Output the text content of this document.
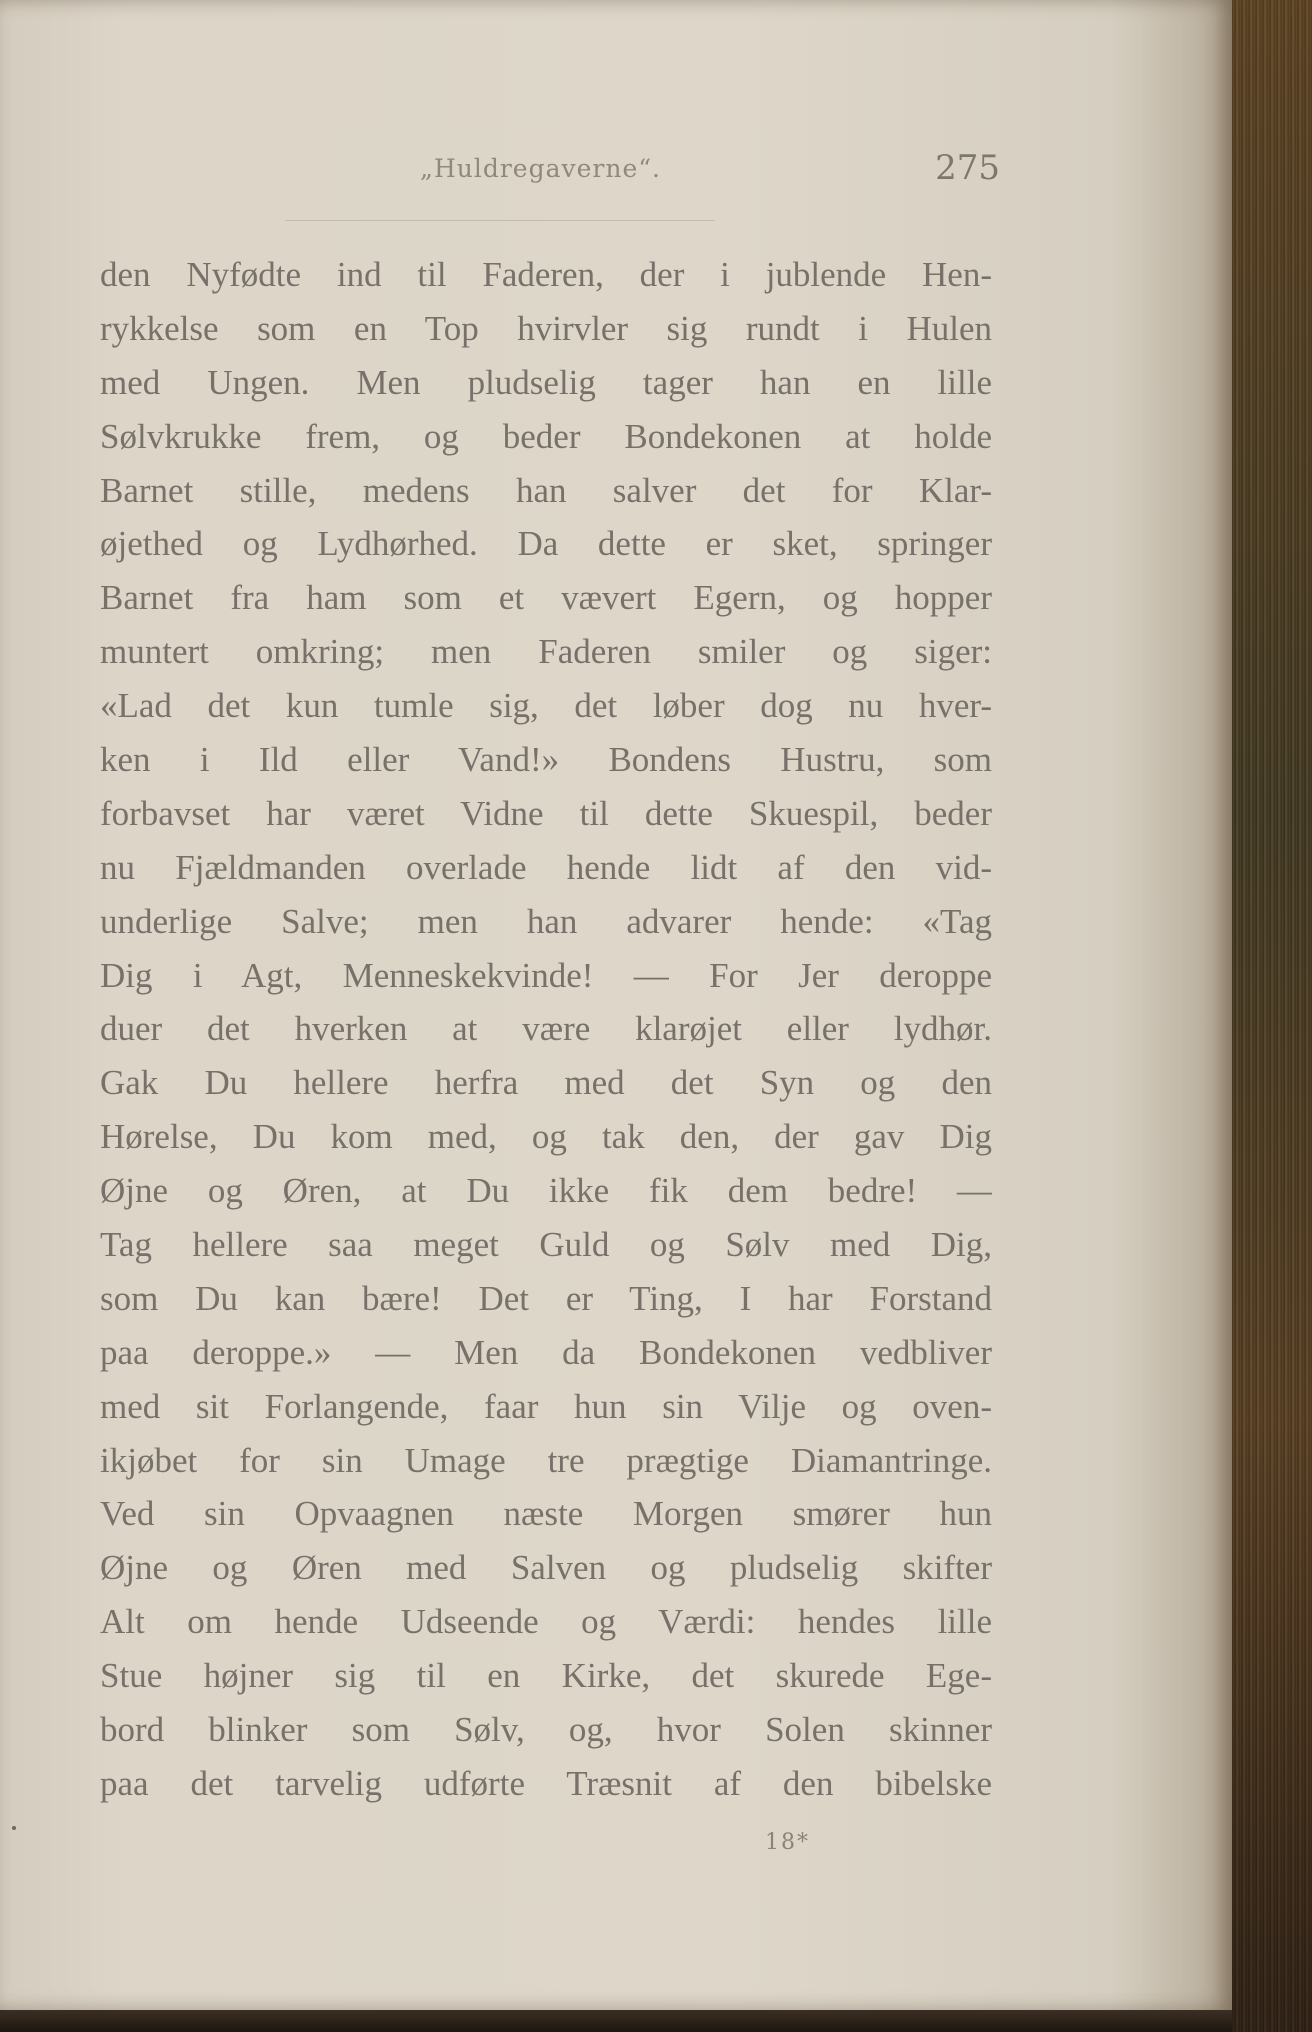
„Huldregaverne“.	275
den Nyfødte ind til Faderen, der i jublende Hen-
rykkelse som en Top hvirvler sig rundt i Hulen
med Ungen. Men pludselig tager han en lille
Sølvkrukke frem, og beder Bondekonen at holde
Barnet stille, medens han salver det for Klar-
øjethed og Lydhørhed. Da dette er sket, springer
Barnet fra ham som et vævert Egern, og hopper
muntert omkring; men Faderen smiler og siger:
«Lad det kun tumle sig, det løber dog nu hver-
ken i Ild eller Vand!» Bondens Hustru, som
forbavset har været Vidne til dette Skuespil, beder
nu Fjældmanden overlade hende lidt af den vid-
underlige Salve; men han advarer hende: «Tag
Dig i Agt, Menneskekvinde! — For Jer deroppe
duer det hverken at være klarøjet eller lydhør.
Gak Du hellere herfra med det Syn og den
Hørelse, Du kom med, og tak den, der gav Dig
Øjne og Øren, at Du ikke fik dem bedre! —
Tag hellere saa meget Guld og Sølv med Dig,
som Du kan bære! Det er Ting, I har Forstand
paa deroppe.» — Men da Bondekonen vedbliver
med sit Forlangende, faar hun sin Vilje og oven-
ikjøbet for sin Umage tre prægtige Diamantringe.
Ved sin Opvaagnen næste Morgen smører hun
Øjne og Øren med Salven og pludselig skifter
Alt om hende Udseende og Værdi: hendes lille
Stue højner sig til en Kirke, det skurede Ege-
bord blinker som Sølv, og, hvor Solen skinner
paa det tarvelig udførte Træsnit af den bibelske
18*
